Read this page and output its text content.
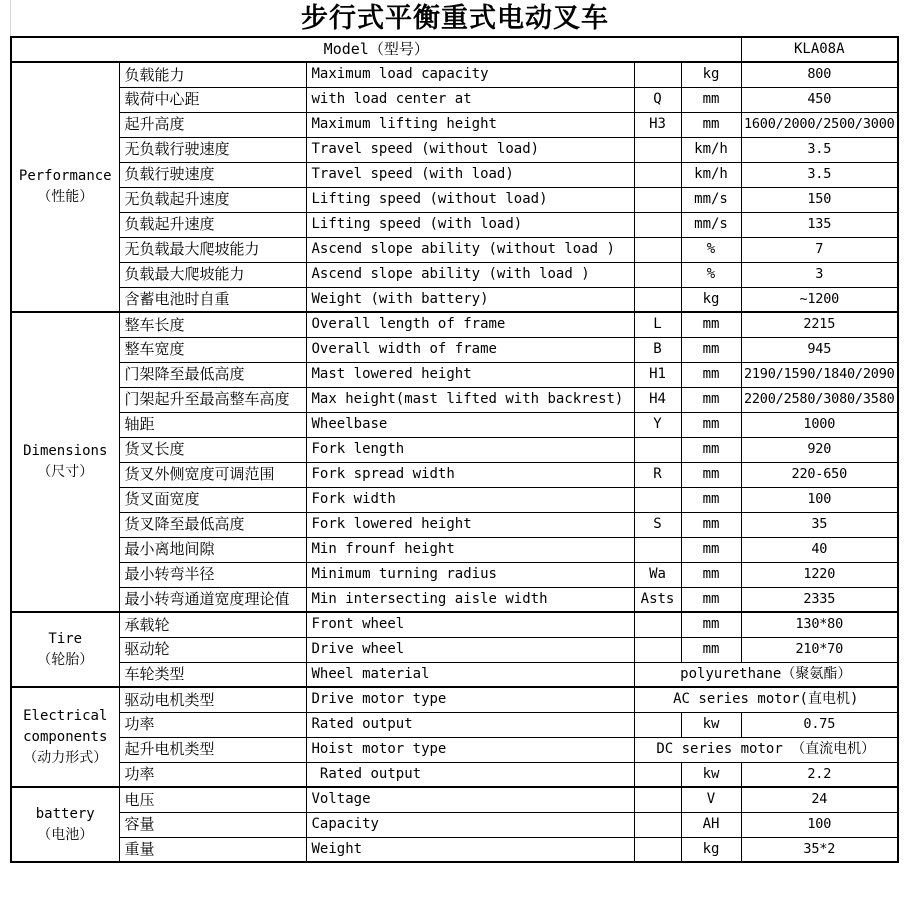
步行式平衡重式电动叉车
Model（型号）					KLA08A
Performance
（性能）	负载能力	Maximum load capacity		kg	800
	载荷中心距	with load center at	Q	mm	450
	起升高度	Maximum lifting height	H3	mm	1600/2000/2500/3000
	无负载行驶速度	Travel speed (without load)		km/h	3.5
	负载行驶速度	Travel speed (with load)		km/h	3.5
	无负载起升速度	Lifting speed (without load)		mm/s	150
	负载起升速度	Lifting speed (with load)		mm/s	135
	无负载最大爬坡能力	Ascend slope ability (without load )		%	7
	负载最大爬坡能力	Ascend slope ability (with load )		%	3
	含蓄电池时自重	Weight (with battery)		kg	~1200
Dimensions
（尺寸）	整车长度	Overall length of frame	L	mm	2215
	整车宽度	Overall width of frame	B	mm	945
	门架降至最低高度	Mast lowered height	H1	mm	2190/1590/1840/2090
	门架起升至最高整车高度	Max height(mast lifted with backrest)	H4	mm	2200/2580/3080/3580
	轴距	Wheelbase	Y	mm	1000
	货叉长度	Fork length		mm	920
	货叉外侧宽度可调范围	Fork spread width	R	mm	220-650
	货叉面宽度	Fork width		mm	100
	货叉降至最低高度	Fork lowered height	S	mm	35
	最小离地间隙	Min frounf height		mm	40
	最小转弯半径	Minimum turning radius	Wa	mm	1220
	最小转弯通道宽度理论值	Min intersecting aisle width	Asts	mm	2335
Tire
（轮胎）	承载轮	Front wheel		mm	130*80
	驱动轮	Drive wheel		mm	210*70
	车轮类型	Wheel material	polyurethane（聚氨酯）		
Electrical
components
（动力形式）	驱动电机类型	Drive motor type	AC series motor(直电机)		
	功率	Rated output		kw	0.75
	起升电机类型	Hoist motor type	DC series motor （直流电机）		
	功率	Rated output		kw	2.2
battery
（电池）	电压	Voltage		V	24
	容量	Capacity		AH	100
	重量	Weight		kg	35*2
